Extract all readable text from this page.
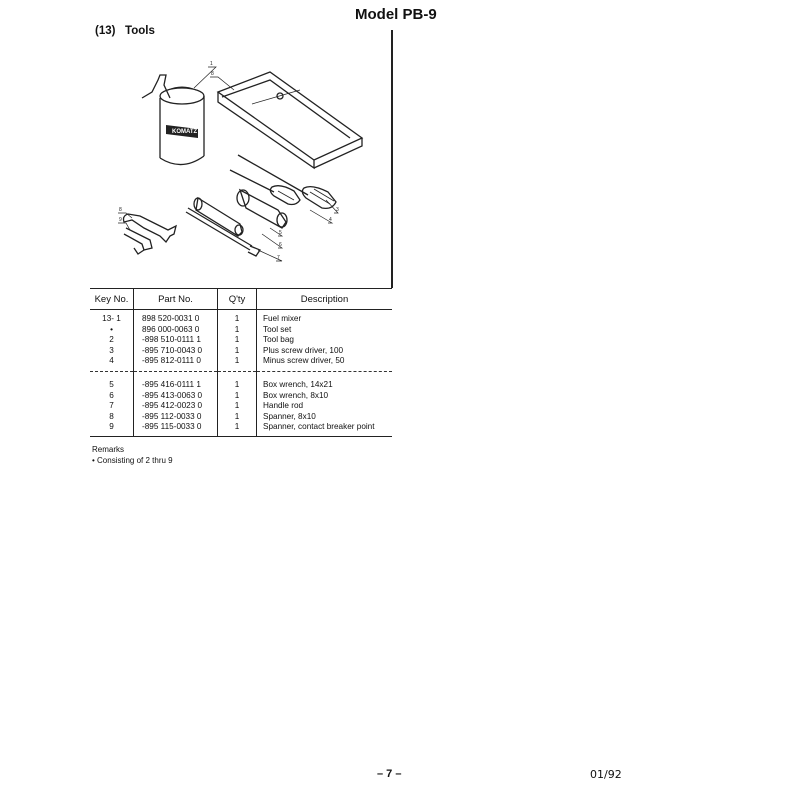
Model PB-9
(13) Tools
KOMATZ
1
8
3
4
5
6
7
8
9
Key No.	Part No.	Q'ty	Description

13- 1	898 520-0031 0	1	Fuel mixer
•	896 000-0063 0	1	Tool set
2	-898 510-0111 1	1	Tool bag
3	-895 710-0043 0	1	Plus screw driver, 100
4	-895 812-0111 0	1	Minus screw driver, 50

5	-895 416-0111 1	1	Box wrench, 14x21
6	-895 413-0063 0	1	Box wrench, 8x10
7	-895 412-0023 0	1	Handle rod
8	-895 112-0033 0	1	Spanner, 8x10
9	-895 115-0033 0	1	Spanner, contact breaker point
Remarks
• Consisting of 2 thru 9
– 7 –	01/92
